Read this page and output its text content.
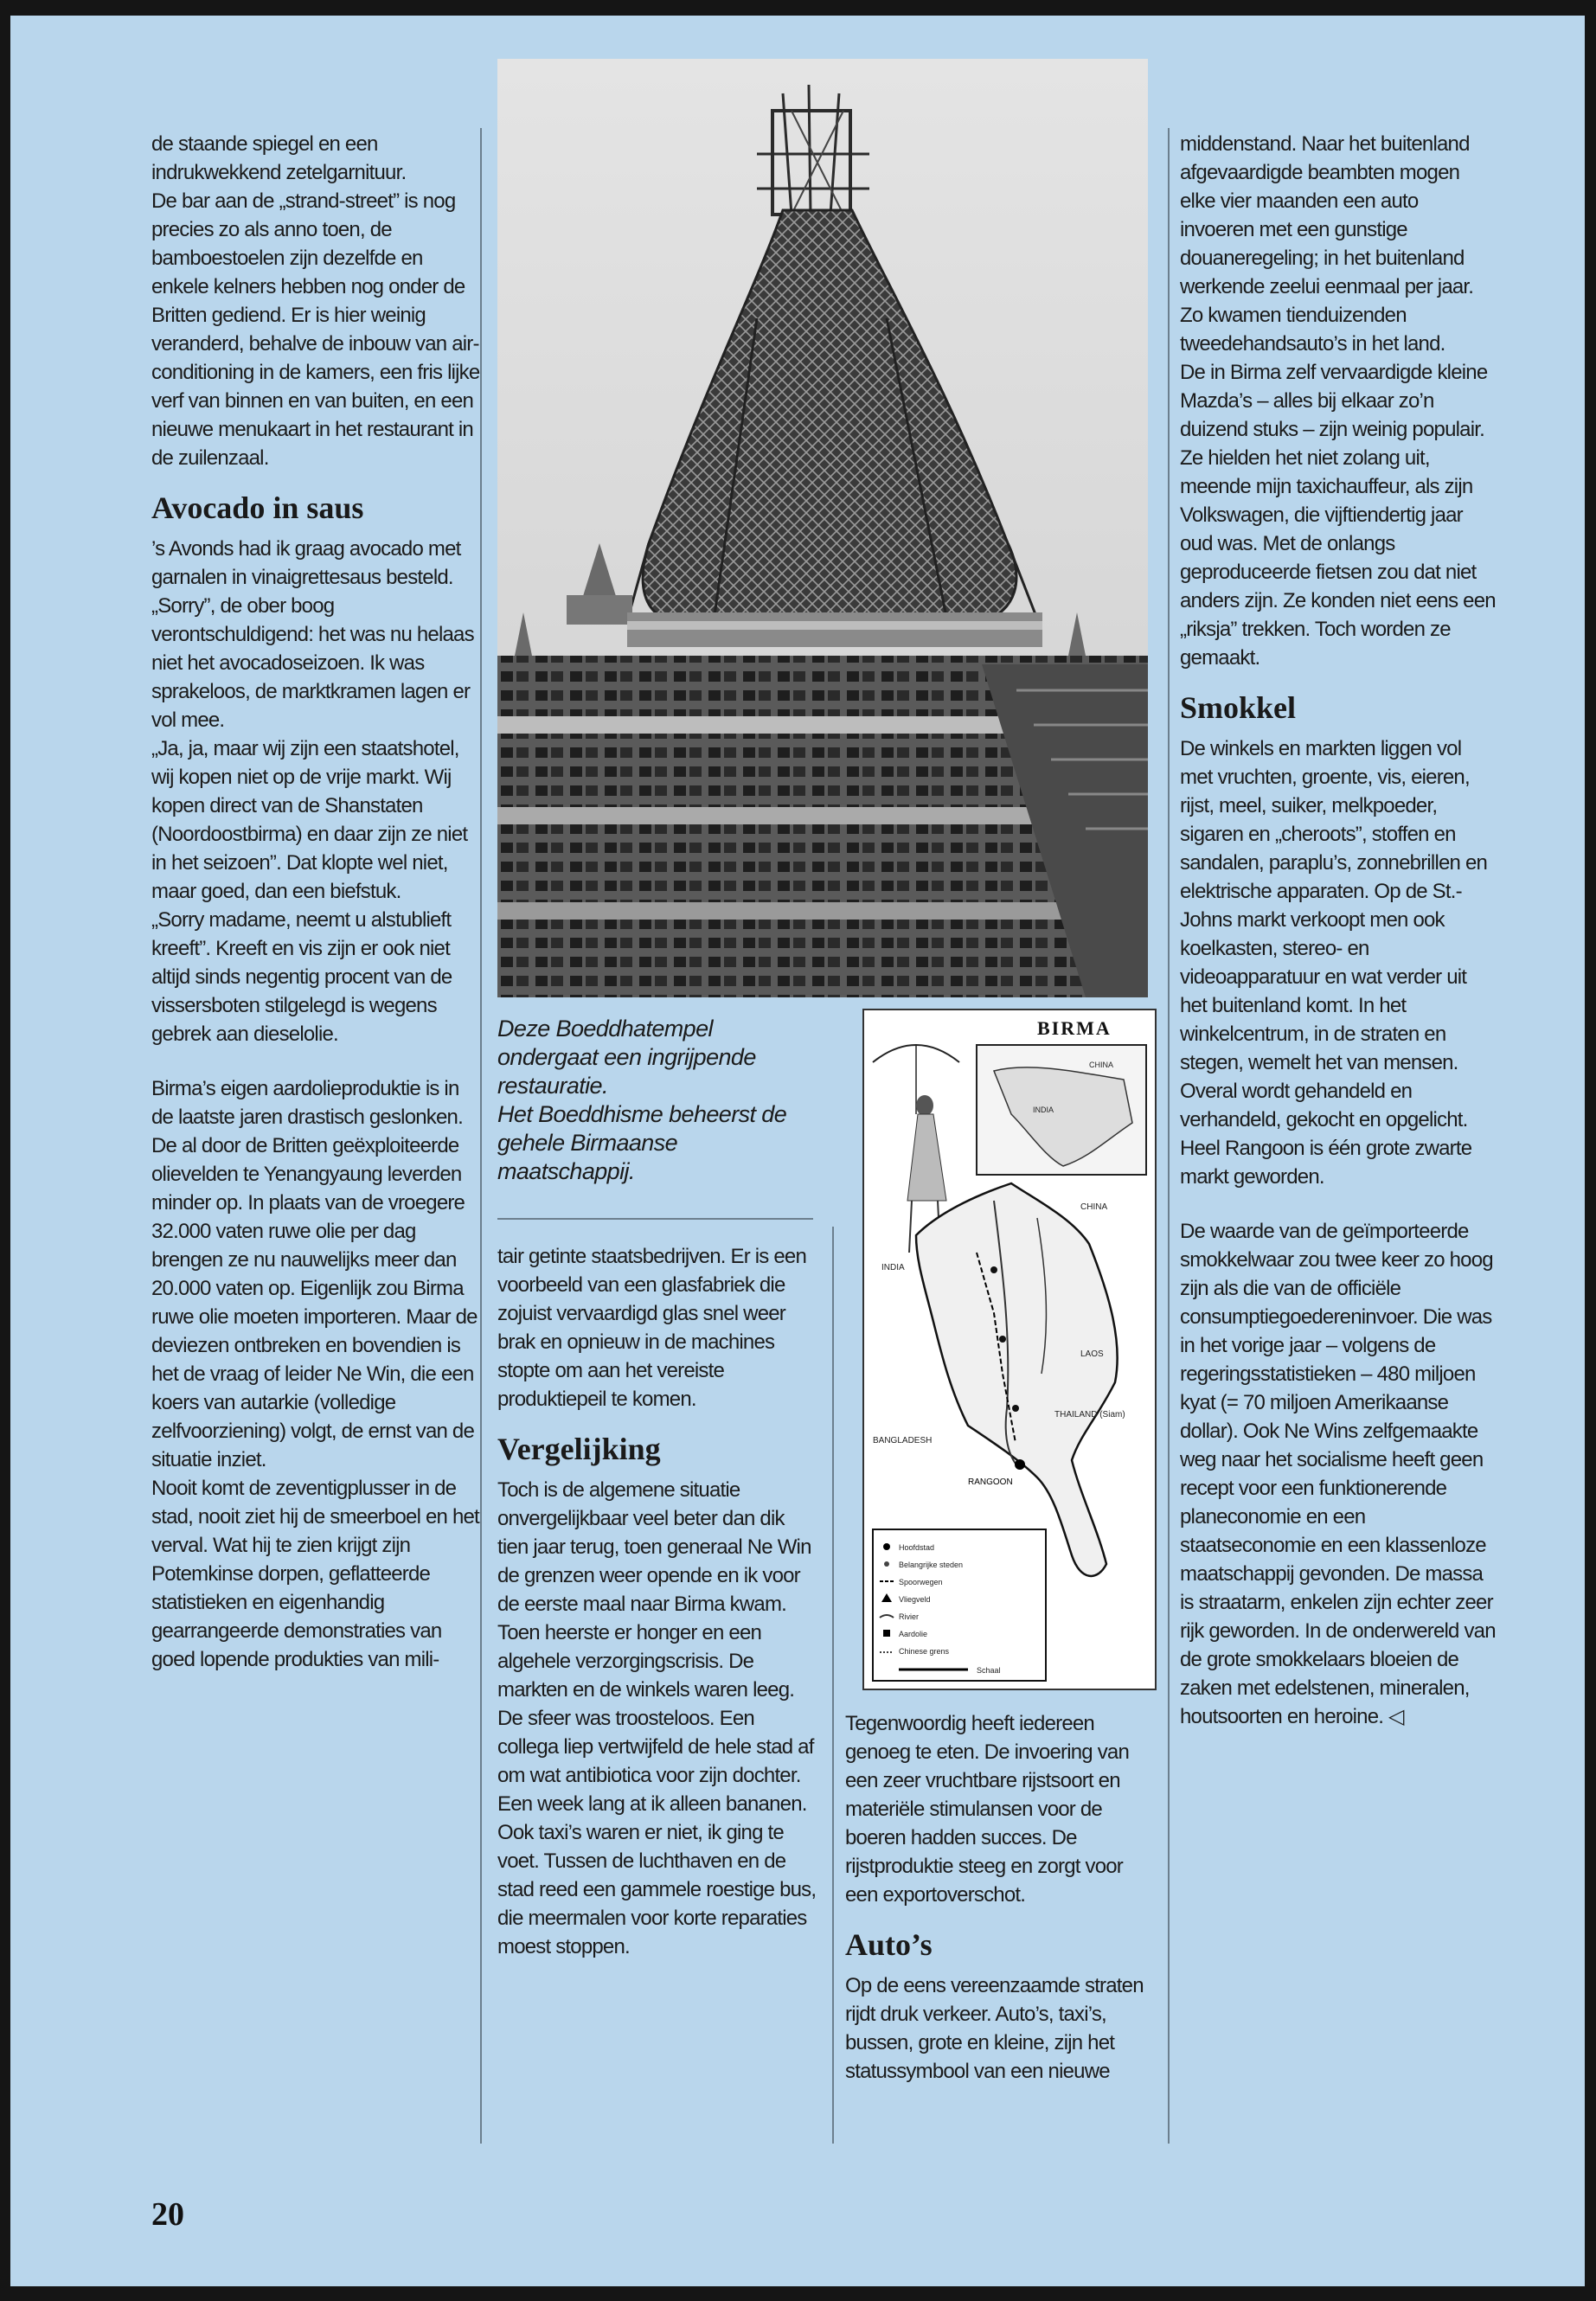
de staande spiegel en een indrukwekkend zetelgarnituur.

De bar aan de „strand-street” is nog precies zo als anno toen, de bamboestoelen zijn dezelfde en enkele kelners hebben nog onder de Britten gediend. Er is hier weinig veranderd, behalve de inbouw van air-conditioning in de kamers, een fris lijke verf van binnen en van buiten, en een nieuwe menukaart in het restaurant in de zuilenzaal.

Avocado in saus

’s Avonds had ik graag avocado met garnalen in vinaigrettesaus besteld. „Sorry”, de ober boog verontschuldigend: het was nu helaas niet het avocadoseizoen. Ik was sprakeloos, de marktkramen lagen er vol mee.

„Ja, ja, maar wij zijn een staatshotel, wij kopen niet op de vrije markt. Wij kopen direct van de Shanstaten (Noordoostbirma) en daar zijn ze niet in het seizoen”. Dat klopte wel niet, maar goed, dan een biefstuk.

„Sorry madame, neemt u alstublieft kreeft”. Kreeft en vis zijn er ook niet altijd sinds negentig procent van de vissersboten stilgelegd is wegens gebrek aan dieselolie.

Birma’s eigen aardolieproduktie is in de laatste jaren drastisch geslonken. De al door de Britten geëxploiteerde olievelden te Yenangyaung leverden minder op. In plaats van de vroegere 32.000 vaten ruwe olie per dag brengen ze nu nauwelijks meer dan 20.000 vaten op. Eigenlijk zou Birma ruwe olie moeten importeren. Maar de deviezen ontbreken en bovendien is het de vraag of leider Ne Win, die een koers van autarkie (volledige zelfvoorziening) volgt, de ernst van de situatie inziet.

Nooit komt de zeventigplusser in de stad, nooit ziet hij de smeerboel en het verval. Wat hij te zien krijgt zijn Potemkinse dorpen, geflatteerde statistieken en eigenhandig gearrangeerde demonstraties van goed lopende produkties van mili-

Deze Boeddhatempel ondergaat een ingrijpende restauratie.

Het Boeddhisme beheerst de gehele Birmaanse maatschappij.

tair getinte staatsbedrijven. Er is een voorbeeld van een glasfabriek die zojuist vervaardigd glas snel weer brak en opnieuw in de machines stopte om aan het vereiste produktiepeil te komen.

Vergelijking

Toch is de algemene situatie onvergelijkbaar veel beter dan dik tien jaar terug, toen generaal Ne Win de grenzen weer opende en ik voor de eerste maal naar Birma kwam. Toen heerste er honger en een algehele verzorgingscrisis. De markten en de winkels waren leeg. De sfeer was troosteloos. Een collega liep vertwijfeld de hele stad af om wat antibiotica voor zijn dochter. Een week lang at ik alleen bananen. Ook taxi’s waren er niet, ik ging te voet. Tussen de luchthaven en de stad reed een gammele roestige bus, die meermalen voor korte reparaties moest stoppen.

BIRMA
CHINA
INDIA
CHINA
INDIA
LAOS
THAILAND (Siam)
BANGLADESH
RANGOON
Hoofdstad
Belangrijke steden
Spoorwegen
Vliegveld
Rivier
Aardolie
Chinese grens
Schaal

Tegenwoordig heeft iedereen genoeg te eten. De invoering van een zeer vruchtbare rijstsoort en materiële stimulansen voor de boeren hadden succes. De rijstproduktie steeg en zorgt voor een exportoverschot.

Auto’s

Op de eens vereenzaamde straten rijdt druk verkeer. Auto’s, taxi’s, bussen, grote en kleine, zijn het statussymbool van een nieuwe

middenstand. Naar het buitenland afgevaardigde beambten mogen elke vier maanden een auto invoeren met een gunstige douaneregeling; in het buitenland werkende zeelui eenmaal per jaar.

Zo kwamen tienduizenden tweedehandsauto’s in het land.

De in Birma zelf vervaardigde kleine Mazda’s – alles bij elkaar zo’n duizend stuks – zijn weinig populair. Ze hielden het niet zolang uit, meende mijn taxichauffeur, als zijn Volkswagen, die vijftiendertig jaar oud was. Met de onlangs geproduceerde fietsen zou dat niet anders zijn. Ze konden niet eens een „riksja” trekken. Toch worden ze gemaakt.

Smokkel

De winkels en markten liggen vol met vruchten, groente, vis, eieren, rijst, meel, suiker, melkpoeder, sigaren en „cheroots”, stoffen en sandalen, paraplu’s, zonnebrillen en elektrische apparaten. Op de St.-Johns markt verkoopt men ook koelkasten, stereo- en videoapparatuur en wat verder uit het buitenland komt. In het winkelcentrum, in de straten en stegen, wemelt het van mensen. Overal wordt gehandeld en verhandeld, gekocht en opgelicht. Heel Rangoon is één grote zwarte markt geworden.

De waarde van de geïmporteerde smokkelwaar zou twee keer zo hoog zijn als die van de officiële consumptiegoedereninvoer. Die was in het vorige jaar – volgens de regeringsstatistieken – 480 miljoen kyat (= 70 miljoen Amerikaanse dollar). Ook Ne Wins zelfgemaakte weg naar het socialisme heeft geen recept voor een funktionerende planeconomie en een staatseconomie en een klassenloze maatschappij gevonden. De massa is straatarm, enkelen zijn echter zeer rijk geworden. In de onderwereld van de grote smokkelaars bloeien de zaken met edelstenen, mineralen, houtsoorten en heroine. ◁

20
